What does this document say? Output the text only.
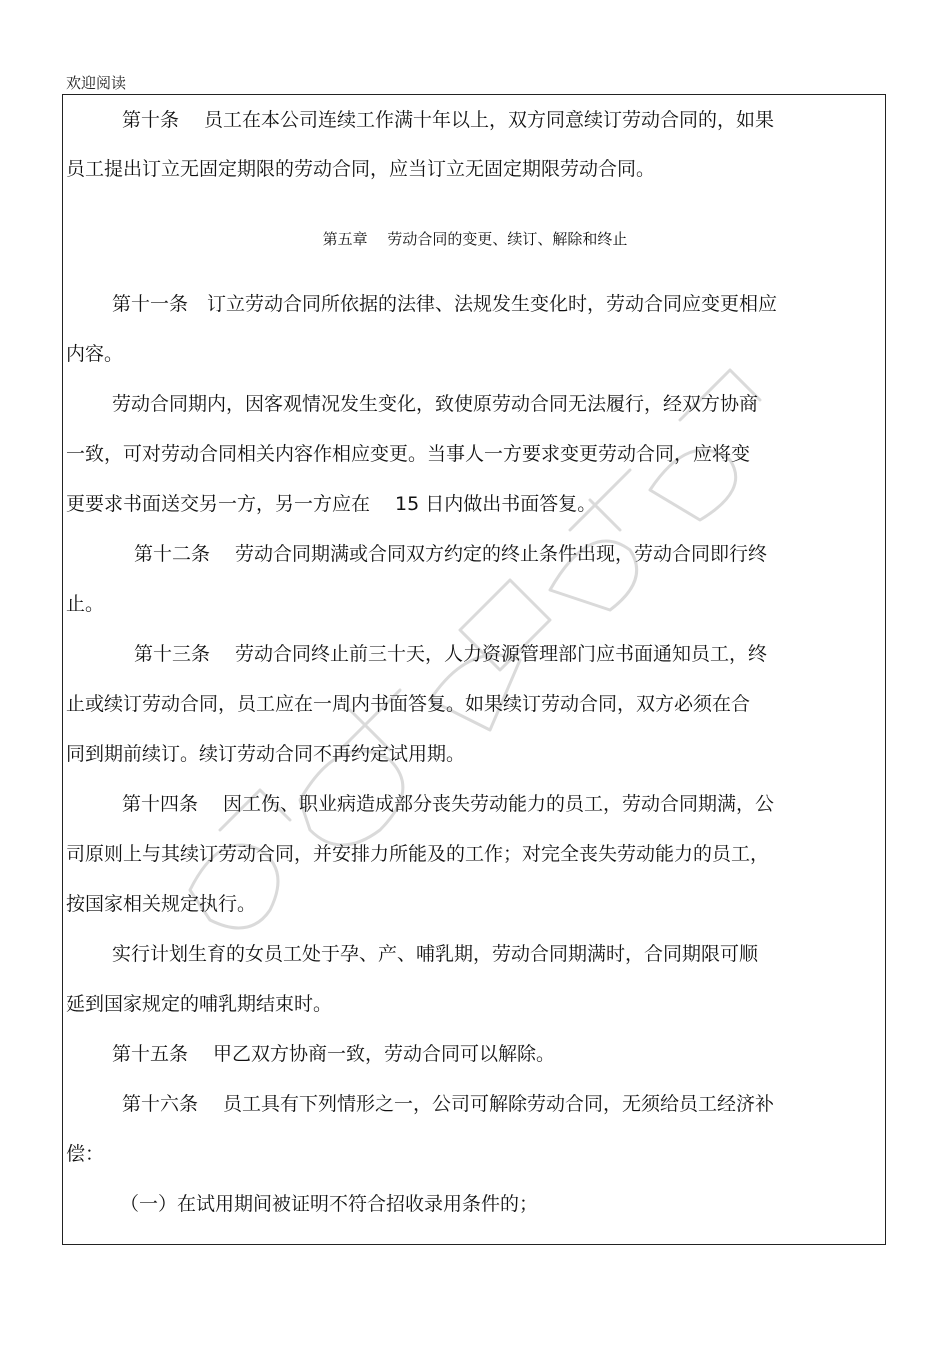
欢迎阅读
第五章　 劳动合同的变更、续订、解除和终止
第十条　 员工在本公司连续工作满十年以上，双方同意续订劳动合同的，如果
员工提出订立无固定期限的劳动合同，应当订立无固定期限劳动合同。
第十一条　订立劳动合同所依据的法律、法规发生变化时，劳动合同应变更相应
内容。
劳动合同期内，因客观情况发生变化，致使原劳动合同无法履行，经双方协商
一致，可对劳动合同相关内容作相应变更。当事人一方要求变更劳动合同，应将变
更要求书面送交另一方，另一方应在　 15 日内做出书面答复。
第十二条　 劳动合同期满或合同双方约定的终止条件出现，劳动合同即行终
止。
第十三条　 劳动合同终止前三十天，人力资源管理部门应书面通知员工，终
止或续订劳动合同，员工应在一周内书面答复。如果续订劳动合同，双方必须在合
同到期前续订。续订劳动合同不再约定试用期。
第十四条　 因工伤、职业病造成部分丧失劳动能力的员工，劳动合同期满，公
司原则上与其续订劳动合同，并安排力所能及的工作；对完全丧失劳动能力的员工，
按国家相关规定执行。
实行计划生育的女员工处于孕、产、哺乳期，劳动合同期满时，合同期限可顺
延到国家规定的哺乳期结束时。
第十五条　 甲乙双方协商一致，劳动合同可以解除。
第十六条　 员工具有下列情形之一，公司可解除劳动合同，无须给员工经济补
偿：
（一）在试用期间被证明不符合招收录用条件的；
